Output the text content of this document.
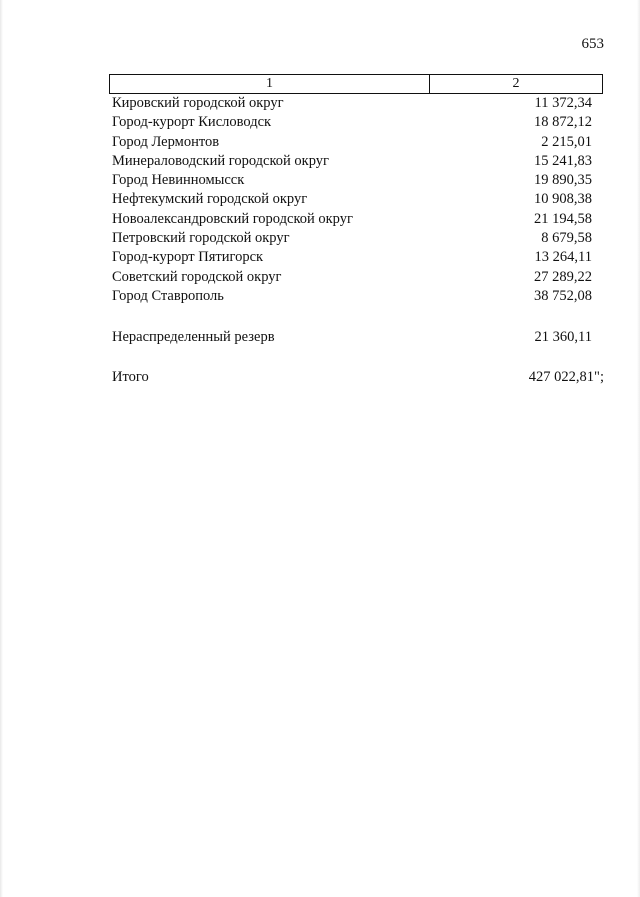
653
1	2
Кировский городской округ	11 372,34
Город-курорт Кисловодск	18 872,12
Город Лермонтов	2 215,01
Минераловодский городской округ	15 241,83
Город Невинномысск	19 890,35
Нефтекумский городской округ	10 908,38
Новоалександровский городской округ	21 194,58
Петровский городской округ	8 679,58
Город-курорт Пятигорск	13 264,11
Советский городской округ	27 289,22
Город Ставрополь	38 752,08
Нераспределенный резерв	21 360,11
Итого	427 022,81";
